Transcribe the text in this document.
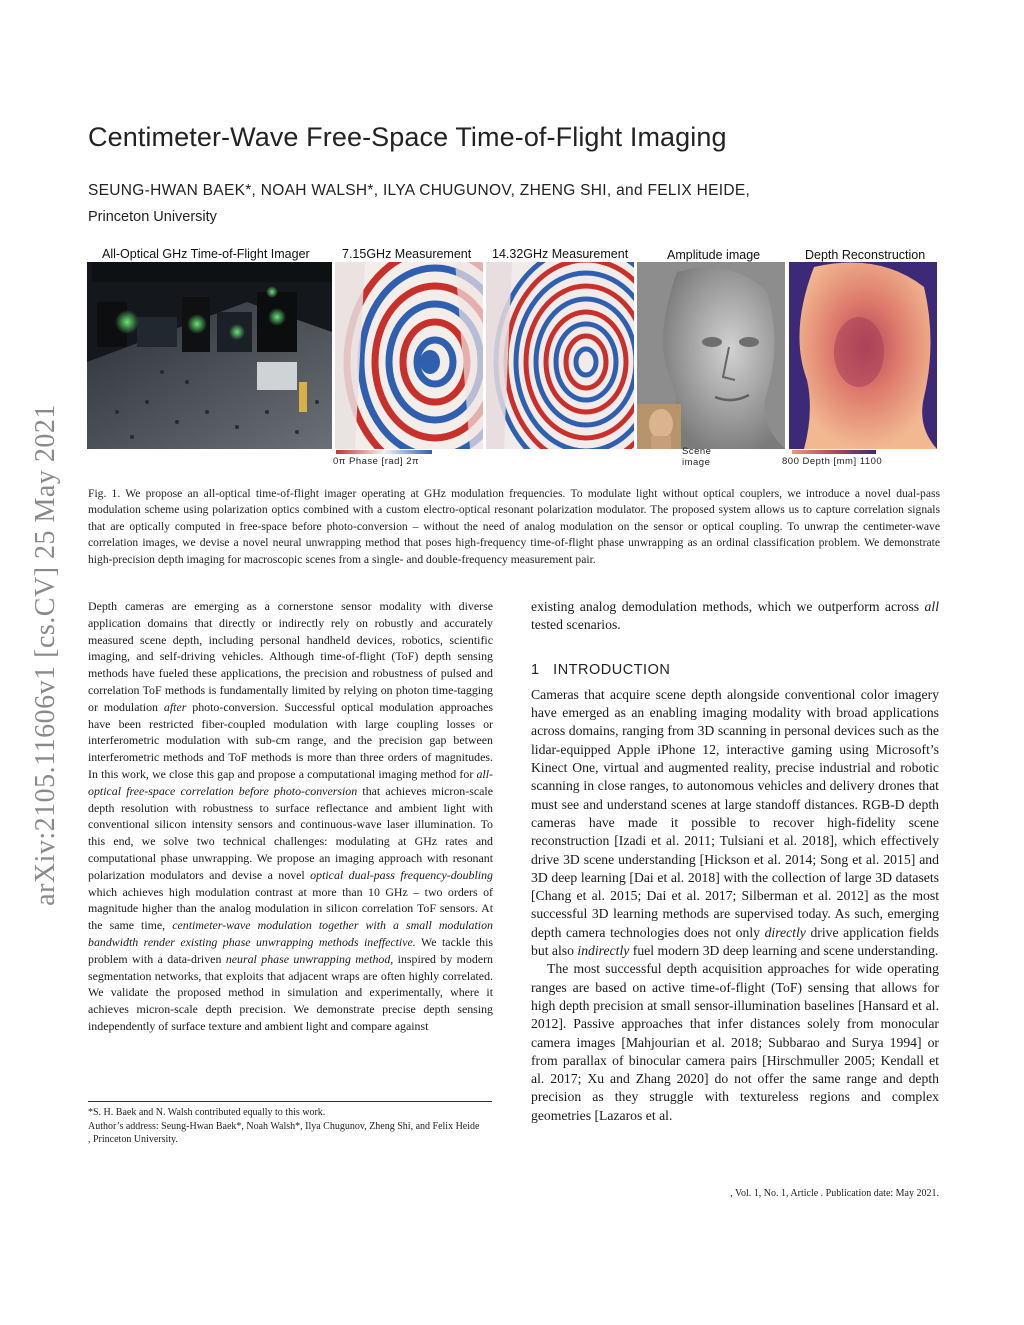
arXiv:2105.11606v1 [cs.CV] 25 May 2021
Centimeter-Wave Free-Space Time-of-Flight Imaging
SEUNG-HWAN BAEK*, NOAH WALSH*, ILYA CHUGUNOV, ZHENG SHI, and FELIX HEIDE,
Princeton University
All-Optical GHz Time-of-Flight Imager	7.15GHz Measurement 14.32GHz Measurement	Amplitude image	Depth Reconstruction
Scene image
0π Phase [rad] 2π	800 Depth [mm] 1100
Fig. 1. We propose an all-optical time-of-flight imager operating at GHz modulation frequencies. To modulate light without optical couplers, we introduce a novel dual-pass modulation scheme using polarization optics combined with a custom electro-optical resonant polarization modulator. The proposed system allows us to capture correlation signals that are optically computed in free-space before photo-conversion – without the need of analog modulation on the sensor or optical coupling. To unwrap the centimeter-wave correlation images, we devise a novel neural unwrapping method that poses high-frequency time-of-flight phase unwrapping as an ordinal classification problem. We demonstrate high-precision depth imaging for macroscopic scenes from a single- and double-frequency measurement pair.

Depth cameras are emerging as a cornerstone sensor modality with diverse application domains that directly or indirectly rely on robustly and accurately measured scene depth, including personal handheld devices, robotics, scientific imaging, and self-driving vehicles. Although time-of-flight (ToF) depth sensing methods have fueled these applications, the precision and robustness of pulsed and correlation ToF methods is fundamentally limited by relying on photon time-tagging or modulation after photo-conversion. Successful optical modulation approaches have been restricted fiber-coupled modulation with large coupling losses or interferometric modulation with sub-cm range, and the precision gap between interferometric methods and ToF methods is more than three orders of magnitudes. In this work, we close this gap and propose a computational imaging method for all-optical free-space correlation before photo-conversion that achieves micron-scale depth resolution with robustness to surface reflectance and ambient light with conventional silicon intensity sensors and continuous-wave laser illumination. To this end, we solve two technical challenges: modulating at GHz rates and computational phase unwrapping. We propose an imaging approach with resonant polarization modulators and devise a novel optical dual-pass frequency-doubling which achieves high modulation contrast at more than 10 GHz – two orders of magnitude higher than the analog modulation in silicon correlation ToF sensors. At the same time, centimeter-wave modulation together with a small modulation bandwidth render existing phase unwrapping methods ineffective. We tackle this problem with a data-driven neural phase unwrapping method, inspired by modern segmentation networks, that exploits that adjacent wraps are often highly correlated. We validate the proposed method in simulation and experimentally, where it achieves micron-scale depth precision. We demonstrate precise depth sensing independently of surface texture and ambient light and compare against

*S. H. Baek and N. Walsh contributed equally to this work.
Author’s address: Seung-Hwan Baek*, Noah Walsh*, Ilya Chugunov, Zheng Shi, and Felix Heide
, Princeton University.

existing analog demodulation methods, which we outperform across all tested scenarios.

1 INTRODUCTION

Cameras that acquire scene depth alongside conventional color imagery have emerged as an enabling imaging modality with broad applications across domains, ranging from 3D scanning in personal devices such as the lidar-equipped Apple iPhone 12, interactive gaming using Microsoft’s Kinect One, virtual and augmented reality, precise industrial and robotic scanning in close ranges, to autonomous vehicles and delivery drones that must see and understand scenes at large standoff distances. RGB-D depth cameras have made it possible to recover high-fidelity scene reconstruction [Izadi et al. 2011; Tulsiani et al. 2018], which effectively drive 3D scene understanding [Hickson et al. 2014; Song et al. 2015] and 3D deep learning [Dai et al. 2018] with the collection of large 3D datasets [Chang et al. 2015; Dai et al. 2017; Silberman et al. 2012] as the most successful 3D learning methods are supervised today. As such, emerging depth camera technologies does not only directly drive application fields but also indirectly fuel modern 3D deep learning and scene understanding.

The most successful depth acquisition approaches for wide operating ranges are based on active time-of-flight (ToF) sensing that allows for high depth precision at small sensor-illumination baselines [Hansard et al. 2012]. Passive approaches that infer distances solely from monocular camera images [Mahjourian et al. 2018; Subbarao and Surya 1994] or from parallax of binocular camera pairs [Hirschmuller 2005; Kendall et al. 2017; Xu and Zhang 2020] do not offer the same range and depth precision as they struggle with textureless regions and complex geometries [Lazaros et al.

, Vol. 1, No. 1, Article . Publication date: May 2021.
